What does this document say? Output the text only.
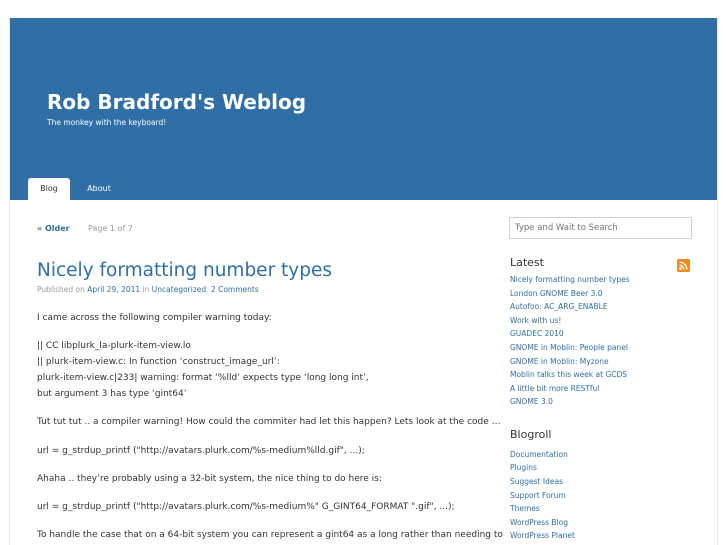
Rob Bradford's Weblog
The monkey with the keyboard!
Blog	About
« Older Page 1 of 7
Nicely formatting number types
Published on April 29, 2011 in Uncategorized. 2 Comments
I came across the following compiler warning today:
|| CC libplurk_la-plurk-item-view.lo
|| plurk-item-view.c: In function ‘construct_image_url’:
plurk-item-view.c|233| warning: format ‘%lld’ expects type ‘long long int’,
but argument 3 has type ‘gint64’
Tut tut tut .. a compiler warning! How could the commiter had let this happen? Lets look at the code …
url = g_strdup_printf ("http://avatars.plurk.com/%s-medium%lld.gif", ...);
Ahaha .. they’re probably using a 32-bit system, the nice thing to do here is:
url = g_strdup_printf ("http://avatars.plurk.com/%s-medium%" G_GINT64_FORMAT ".gif", ...);
To handle the case that on a 64-bit system you can represent a gint64 as a long rather than needing to
Type and Wait to Search
Latest
Nicely formatting number types
London GNOME Beer 3.0
Autofoo: AC_ARG_ENABLE
Work with us!
GUADEC 2010
GNOME in Moblin: People panel
GNOME in Moblin: Myzone
Moblin talks this week at GCDS
A little bit more RESTful
GNOME 3.0
Blogroll
Documentation
Plugins
Suggest Ideas
Support Forum
Themes
WordPress Blog
WordPress Planet
